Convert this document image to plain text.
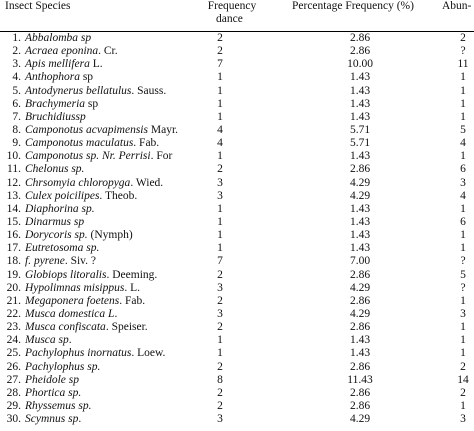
Insect Species	Frequency	Percentage Frequency (%) Abun-
dance
1. Abbalomba sp	2	2.86	2
2. Acraea eponina. Cr.	2	2.86	?
3. Apis mellifera L.	7	10.00	11
4. Anthophora sp	1	1.43	1
5. Antodynerus bellatulus. Sauss.	1	1.43	1
6. Brachymeria sp	1	1.43	1
7. Bruchidiussp	1	1.43	1
8. Camponotus acvapimensis Mayr.	4	5.71	5
9. Camponotus maculatus. Fab.	4	5.71	4
10. Camponotus sp. Nr. Perrisi. For	1	1.43	1
11. Chelonus sp.	2	2.86	6
12. Chrsomyia chloropyga. Wied.	3	4.29	3
13. Culex poicilipes. Theob.	3	4.29	4
14. Diaphorina sp.	1	1.43	1
15. Dinarmus sp	1	1.43	6
16. Dorycoris sp. (Nymph)	1	1.43	1
17. Eutretosoma sp.	1	1.43	1
18. f. pyrene. Siv. ?	7	7.00	?
19. Globiops litoralis. Deeming.	2	2.86	5
20. Hypolimnas misippus. L.	3	4.29	?
21. Megaponera foetens. Fab.	2	2.86	1
22. Musca domestica L.	3	4.29	3
23. Musca confiscata. Speiser.	2	2.86	1
24. Musca sp.	1	1.43	1
25. Pachylophus inornatus. Loew.	1	1.43	1
26. Pachylophus sp.	2	2.86	2
27. Pheidole sp	8	11.43	14
28. Phortica sp.	2	2.86	2
29. Rhyssemus sp.	2	2.86	1
30. Scymnus sp.	3	4.29	3
